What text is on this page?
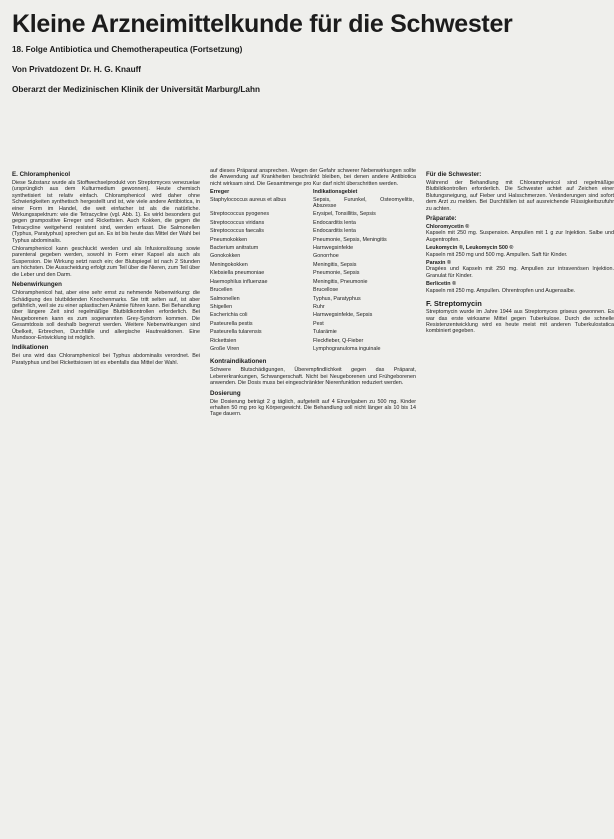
Kleine Arzneimittelkunde für die Schwester
18. Folge Antibiotica und Chemotherapeutica (Fortsetzung)
Von Privatdozent Dr. H. G. Knauff
Oberarzt der Medizinischen Klinik der Universität Marburg/Lahn
E. Chloramphenicol

Diese Substanz wurde als Stoffwechselprodukt von Streptomyces venezuelae (ursprünglich aus dem Kulturmedium gewonnen). Heute chemisch synthetisiert ist relativ einfach. Chloramphenicol wird daher ohne Schwierigkeiten synthetisch hergestellt und ist, wie viele andere Antibiotica, in einer Form im Handel, die weit einfacher ist als die natürliche. Wirkungsspektrum: wie die Tetracycline (vgl. Abb. 1). Es wirkt besonders gut gegen grampositive Erreger und Rickettsien. Auch Kokken, die gegen die Tetracycline weitgehend resistent sind, werden erfasst. Die Salmonellen (Typhus, Paratyphus) sprechen gut an. Es ist bis heute das Mittel der Wahl bei Typhus abdominalis.

Chloramphenicol kann geschluckt werden und als Infusionslösung sowie parenteral gegeben werden, sowohl in Form einer Kapsel als auch als Suspension. Die Wirkung setzt rasch ein; der Blutspiegel ist nach 2 Stunden am höchsten. Die Ausscheidung erfolgt zum Teil über die Nieren, zum Teil über die Leber und den Darm.

Nebenwirkungen

Chloramphenicol hat, aber eine sehr ernst zu nehmende Nebenwirkung: die Schädigung des blutbildenden Knochenmarks. Sie tritt selten auf, ist aber gefährlich, weil sie zu einer aplastischen Anämie führen kann. Bei Behandlung über längere Zeit sind regelmäßige Blutbildkontrollen erforderlich. Bei Neugeborenen kann es zum sogenannten Grey-Syndrom kommen. Die Gesamtdosis soll deshalb begrenzt werden. Weitere Nebenwirkungen sind Übelkeit, Erbrechen, Durchfälle und allergische Hautreaktionen. Eine Mundsoor-Entwicklung ist möglich.

Indikationen

Bei uns wird das Chloramphenicol bei Typhus abdominalis verordnet. Bei Paratyphus und bei Rickettsiosen ist es ebenfalls das Mittel der Wahl.

auf dieses Präparat ansprechen. Wegen der Gefahr schwerer Nebenwirkungen sollte die Anwendung auf Krankheiten beschränkt bleiben, bei denen andere Antibiotica nicht wirksam sind. Die Gesamtmenge pro Kur darf nicht überschritten werden.

Erreger	Indikationsgebiet
Staphylococcus aureus et albus	Sepsis, Furunkel, Osteomyelitis, Abszesse
Streptococcus pyogenes	Erysipel, Tonsillitis, Sepsis
Streptococcus viridans	Endocarditis lenta
Streptococcus faecalis	Endocarditis lenta
Pneumokokken	Pneumonie, Sepsis, Meningitis
Bacterium anitratum	Harnwegsinfekte
Gonokokken	Gonorrhoe
Meningokokken	Meningitis, Sepsis
Klebsiella pneumoniae	Pneumonie, Sepsis
Haemophilus influenzae	Meningitis, Pneumonie
Brucellen	Brucellose
Salmonellen	Typhus, Paratyphus
Shigellen	Ruhr
Escherichia coli	Harnwegsinfekte, Sepsis
Pasteurella pestis	Pest
Pasteurella tularensis	Tularämie
Rickettsien	Fleckfieber, Q-Fieber
Große Viren	Lymphogranuloma inguinale
Kontraindikationen

Schwere Blutschädigungen, Überempfindlichkeit gegen das Präparat, Lebererkrankungen, Schwangerschaft. Nicht bei Neugeborenen und Frühgeborenen anwenden. Die Dosis muss bei eingeschränkter Nierenfunktion reduziert werden.

Dosierung

Die Dosierung beträgt 2 g täglich, aufgeteilt auf 4 Einzelgaben zu 500 mg. Kinder erhalten 50 mg pro kg Körpergewicht. Die Behandlung soll nicht länger als 10 bis 14 Tage dauern.

Für die Schwester:

Während der Behandlung mit Chloramphenicol sind regelmäßige Blutbildkontrollen erforderlich. Die Schwester achtet auf Zeichen einer Blutungsneigung, auf Fieber und Halsschmerzen. Veränderungen sind sofort dem Arzt zu melden. Bei Durchfällen ist auf ausreichende Flüssigkeitszufuhr zu achten.

Präparate:

Chloromycetin ®
Kapseln mit 250 mg. Suspension. Ampullen mit 1 g zur Injektion. Salbe und Augentropfen.

Leukomycin ®, Leukomycin 500 ®
Kapseln mit 250 mg und 500 mg. Ampullen. Saft für Kinder.

Paraxin ®
Dragées und Kapseln mit 250 mg. Ampullen zur intravenösen Injektion. Granulat für Kinder.

Berlicetin ®
Kapseln mit 250 mg. Ampullen. Ohrentropfen und Augensalbe.

F. Streptomycin

Streptomycin wurde im Jahre 1944 aus Streptomyces griseus gewonnen. Es war das erste wirksame Mittel gegen Tuberkulose. Durch die schnelle Resistenzentwicklung wird es heute meist mit anderen Tuberkulostatica kombiniert gegeben.
